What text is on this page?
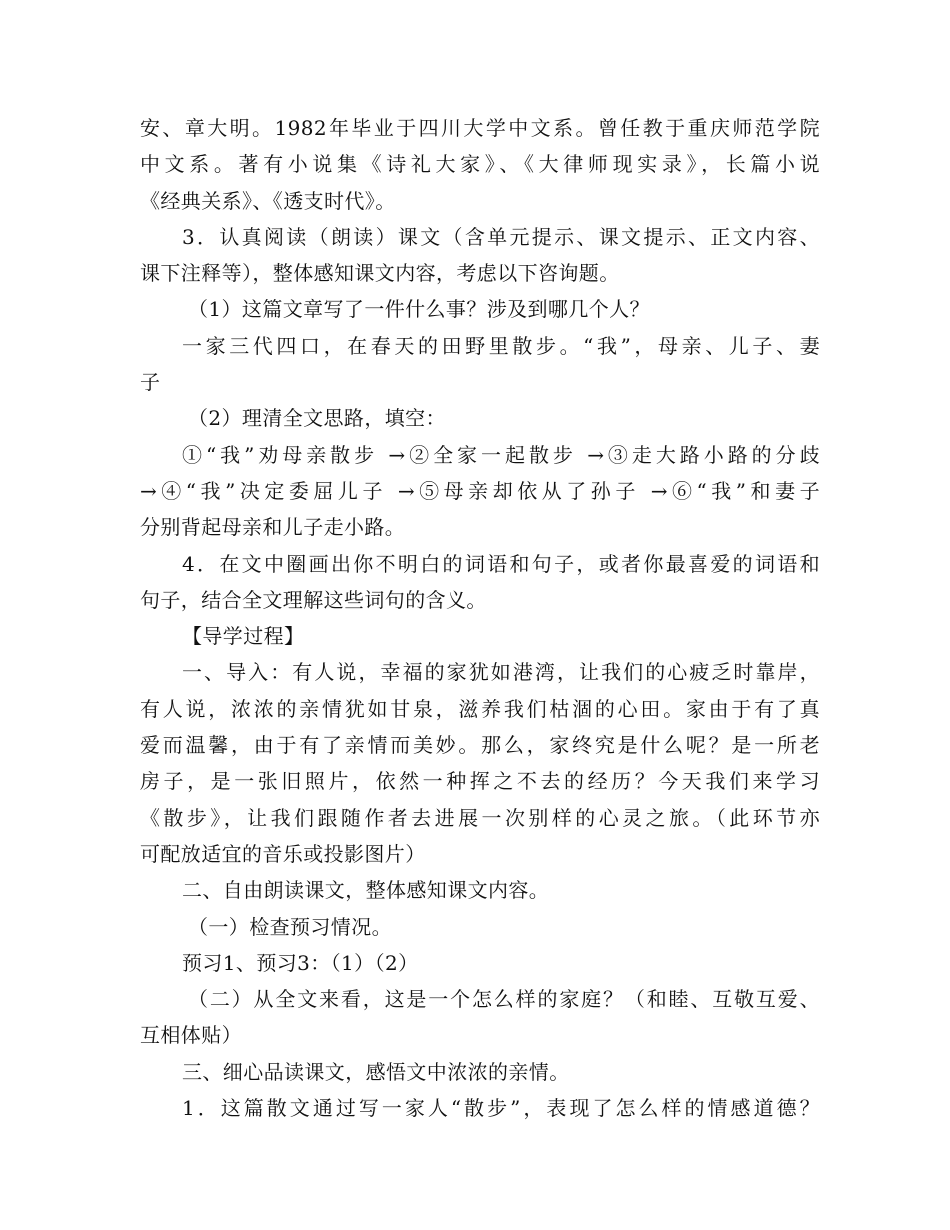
安、章大明。1982年毕业于四川大学中文系。曾任教于重庆师范学院
中文系。著有小说集《诗礼大家》、《大律师现实录》，长篇小说
《经典关系》、《透支时代》。
3．认真阅读（朗读）课文（含单元提示、课文提示、正文内容、
课下注释等），整体感知课文内容，考虑以下咨询题。
（1）这篇文章写了一件什么事？涉及到哪几个人？
一家三代四口，在春天的田野里散步。“我”，母亲、儿子、妻
子
（2）理清全文思路，填空：
①“我”劝母亲散步 →②全家一起散步 →③走大路小路的分歧
→④“我”决定委屈儿子 →⑤母亲却依从了孙子 →⑥“我”和妻子
分别背起母亲和儿子走小路。
4．在文中圈画出你不明白的词语和句子，或者你最喜爱的词语和
句子，结合全文理解这些词句的含义。
【导学过程】
一、导入：有人说，幸福的家犹如港湾，让我们的心疲乏时靠岸，
有人说，浓浓的亲情犹如甘泉，滋养我们枯涸的心田。家由于有了真
爱而温馨，由于有了亲情而美妙。那么，家终究是什么呢？是一所老
房子，是一张旧照片，依然一种挥之不去的经历？今天我们来学习
《散步》，让我们跟随作者去进展一次别样的心灵之旅。（此环节亦
可配放适宜的音乐或投影图片）
二、自由朗读课文，整体感知课文内容。
（一）检查预习情况。
预习1、预习3：（1）（2）
（二）从全文来看，这是一个怎么样的家庭？（和睦、互敬互爱、
互相体贴）
三、细心品读课文，感悟文中浓浓的亲情。
1．这篇散文通过写一家人“散步”，表现了怎么样的情感道德？
